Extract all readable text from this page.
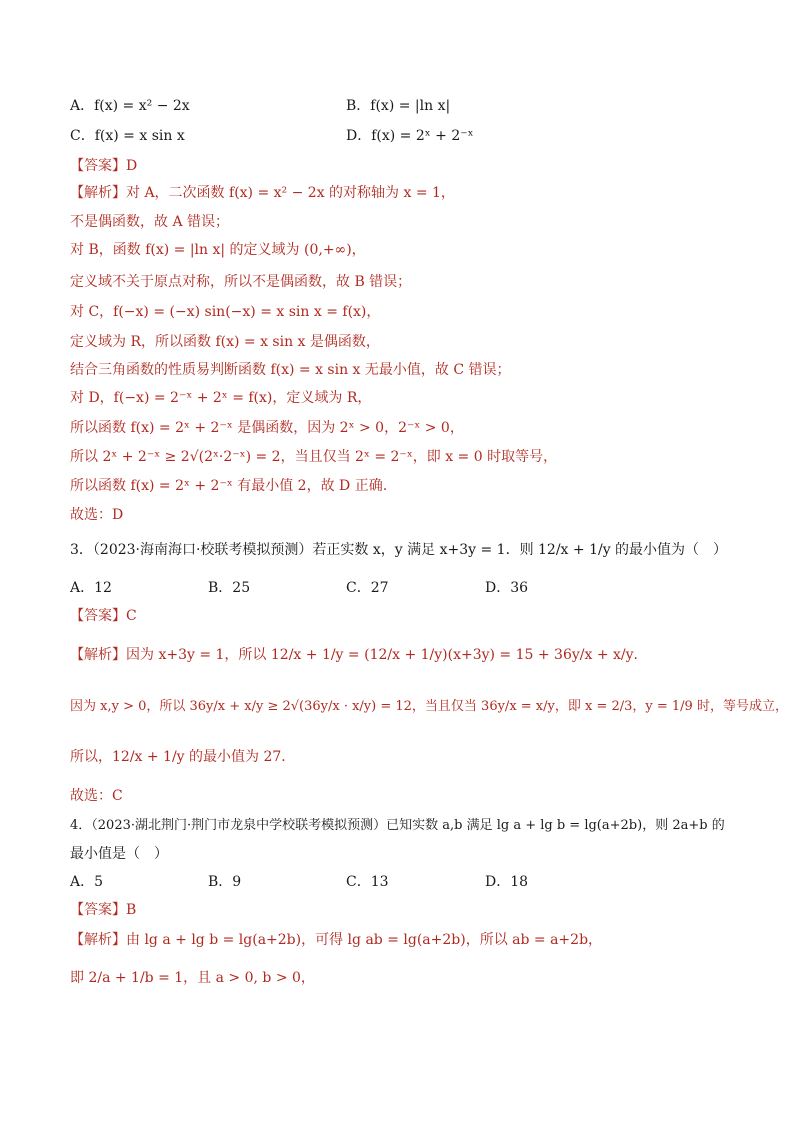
A．f(x) = x² − 2x	B．f(x) = |ln x|
C．f(x) = x sin x	D．f(x) = 2ˣ + 2⁻ˣ
【答案】D
【解析】对 A，二次函数 f(x) = x² − 2x 的对称轴为 x = 1，
不是偶函数，故 A 错误；
对 B，函数 f(x) = |ln x| 的定义域为 (0,+∞)，
定义域不关于原点对称，所以不是偶函数，故 B 错误；
对 C，f(−x) = (−x) sin(−x) = x sin x = f(x)，
定义域为 R，所以函数 f(x) = x sin x 是偶函数，
结合三角函数的性质易判断函数 f(x) = x sin x 无最小值，故 C 错误；
对 D，f(−x) = 2⁻ˣ + 2ˣ = f(x)，定义域为 R，
所以函数 f(x) = 2ˣ + 2⁻ˣ 是偶函数，因为 2ˣ > 0，2⁻ˣ > 0，
所以 2ˣ + 2⁻ˣ ≥ 2√(2ˣ·2⁻ˣ) = 2，当且仅当 2ˣ = 2⁻ˣ，即 x = 0 时取等号，
所以函数 f(x) = 2ˣ + 2⁻ˣ 有最小值 2，故 D 正确.
故选：D
3．（2023·海南海口·校联考模拟预测）若正实数 x，y 满足 x+3y = 1．则 12/x + 1/y 的最小值为（　）
A．12	B．25	C．27	D．36
【答案】C
【解析】因为 x+3y = 1，所以 12/x + 1/y = (12/x + 1/y)(x+3y) = 15 + 36y/x + x/y．
因为 x,y > 0，所以 36y/x + x/y ≥ 2√(36y/x · x/y) = 12，当且仅当 36y/x = x/y，即 x = 2/3，y = 1/9 时，等号成立，
所以，12/x + 1/y 的最小值为 27．
故选：C
4．（2023·湖北荆门·荆门市龙泉中学校联考模拟预测）已知实数 a,b 满足 lg a + lg b = lg(a+2b)，则 2a+b 的
最小值是（　）
A．5	B．9	C．13	D．18
【答案】B
【解析】由 lg a + lg b = lg(a+2b)，可得 lg ab = lg(a+2b)，所以 ab = a+2b，
即 2/a + 1/b = 1，且 a > 0, b > 0，
